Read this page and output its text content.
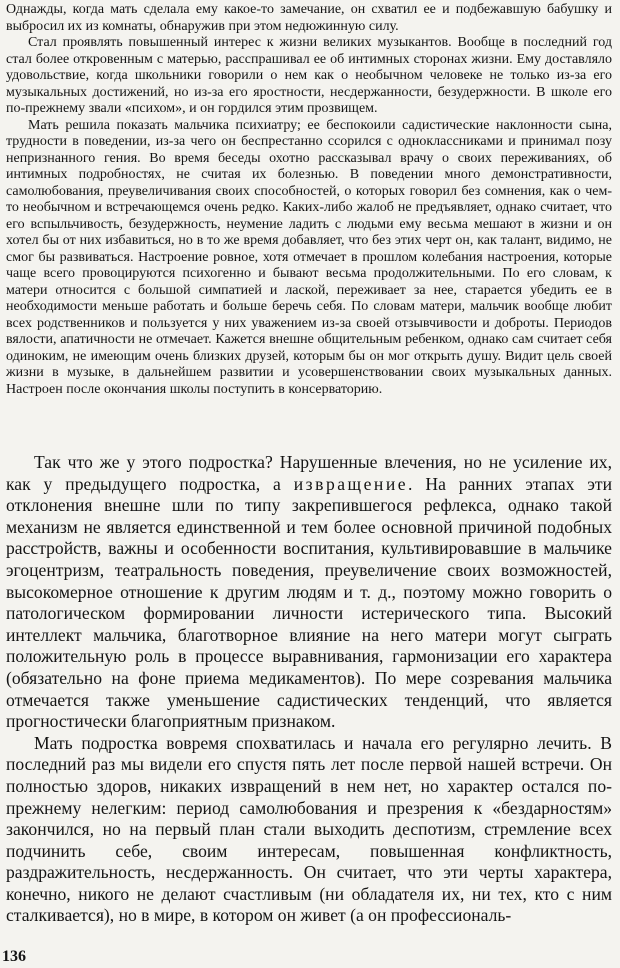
Однажды, когда мать сделала ему какое-то замечание, он схватил ее и подбежавшую бабушку и выбросил их из комнаты, обнаружив при этом недюжинную силу.

Стал проявлять повышенный интерес к жизни великих музыкантов. Вообще в последний год стал более откровенным с матерью, расспрашивал ее об интимных сторонах жизни. Ему доставляло удовольствие, когда школьники говорили о нем как о необычном человеке не только из-за его музыкальных достижений, но из-за его яростности, несдержанности, безудержности. В школе его по-прежнему звали «психом», и он гордился этим прозвищем.

Мать решила показать мальчика психиатру; ее беспокоили садистические наклонности сына, трудности в поведении, из-за чего он беспрестанно ссорился с одноклассниками и принимал позу непризнанного гения. Во время беседы охотно рассказывал врачу о своих переживаниях, об интимных подробностях, не считая их болезнью. В поведении много демонстративности, самолюбования, преувеличивания своих способностей, о которых говорил без сомнения, как о чем-то необычном и встречающемся очень редко. Каких-либо жалоб не предъявляет, однако считает, что его вспыльчивость, безудержность, неумение ладить с людьми ему весьма мешают в жизни и он хотел бы от них избавиться, но в то же время добавляет, что без этих черт он, как талант, видимо, не смог бы развиваться. Настроение ровное, хотя отмечает в прошлом колебания настроения, которые чаще всего провоцируются психогенно и бывают весьма продолжительными. По его словам, к матери относится с большой симпатией и лаской, переживает за нее, старается убедить ее в необходимости меньше работать и больше беречь себя. По словам матери, мальчик вообще любит всех родственников и пользуется у них уважением из-за своей отзывчивости и доброты. Периодов вялости, апатичности не отмечает. Кажется внешне общительным ребенком, однако сам считает себя одиноким, не имеющим очень близких друзей, которым бы он мог открыть душу. Видит цель своей жизни в музыке, в дальнейшем развитии и усовершенствовании своих музыкальных данных. Настроен после окончания школы поступить в консерваторию.

Так что же у этого подростка? Нарушенные влечения, но не усиление их, как у предыдущего подростка, а извращение. На ранних этапах эти отклонения внешне шли по типу закрепившегося рефлекса, однако такой механизм не является единственной и тем более основной причиной подобных расстройств, важны и особенности воспитания, культивировавшие в мальчике эгоцентризм, театральность поведения, преувеличение своих возможностей, высокомерное отношение к другим людям и т. д., поэтому можно говорить о патологическом формировании личности истерического типа. Высокий интеллект мальчика, благотворное влияние на него матери могут сыграть положительную роль в процессе выравнивания, гармонизации его характера (обязательно на фоне приема медикаментов). По мере созревания мальчика отмечается также уменьшение садистических тенденций, что является прогностически благоприятным признаком.

Мать подростка вовремя спохватилась и начала его регулярно лечить. В последний раз мы видели его спустя пять лет после первой нашей встречи. Он полностью здоров, никаких извращений в нем нет, но характер остался по-прежнему нелегким: период самолюбования и презрения к «бездарностям» закончился, но на первый план стали выходить деспотизм, стремление всех подчинить себе, своим интересам, повышенная конфликтность, раздражительность, несдержанность. Он считает, что эти черты характера, конечно, никого не делают счастливым (ни обладателя их, ни тех, кто с ним сталкивается), но в мире, в котором он живет (а он профессиональ-

136
